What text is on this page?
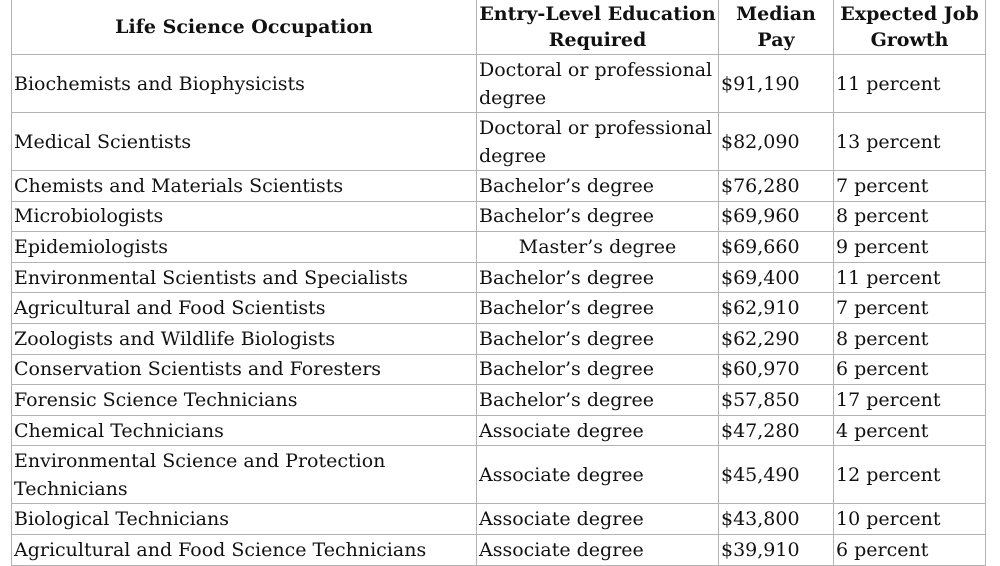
Life Science Occupation	Entry-Level Education Required	Median Pay	Expected Job Growth
Biochemists and Biophysicists	Doctoral or professional degree	$91,190	11 percent
Medical Scientists	Doctoral or professional degree	$82,090	13 percent
Chemists and Materials Scientists	Bachelor’s degree	$76,280	7 percent
Microbiologists	Bachelor’s degree	$69,960	8 percent
Epidemiologists	Master’s degree	$69,660	9 percent
Environmental Scientists and Specialists	Bachelor’s degree	$69,400	11 percent
Agricultural and Food Scientists	Bachelor’s degree	$62,910	7 percent
Zoologists and Wildlife Biologists	Bachelor’s degree	$62,290	8 percent
Conservation Scientists and Foresters	Bachelor’s degree	$60,970	6 percent
Forensic Science Technicians	Bachelor’s degree	$57,850	17 percent
Chemical Technicians	Associate degree	$47,280	4 percent
Environmental Science and Protection Technicians	Associate degree	$45,490	12 percent
Biological Technicians	Associate degree	$43,800	10 percent
Agricultural and Food Science Technicians	Associate degree	$39,910	6 percent
